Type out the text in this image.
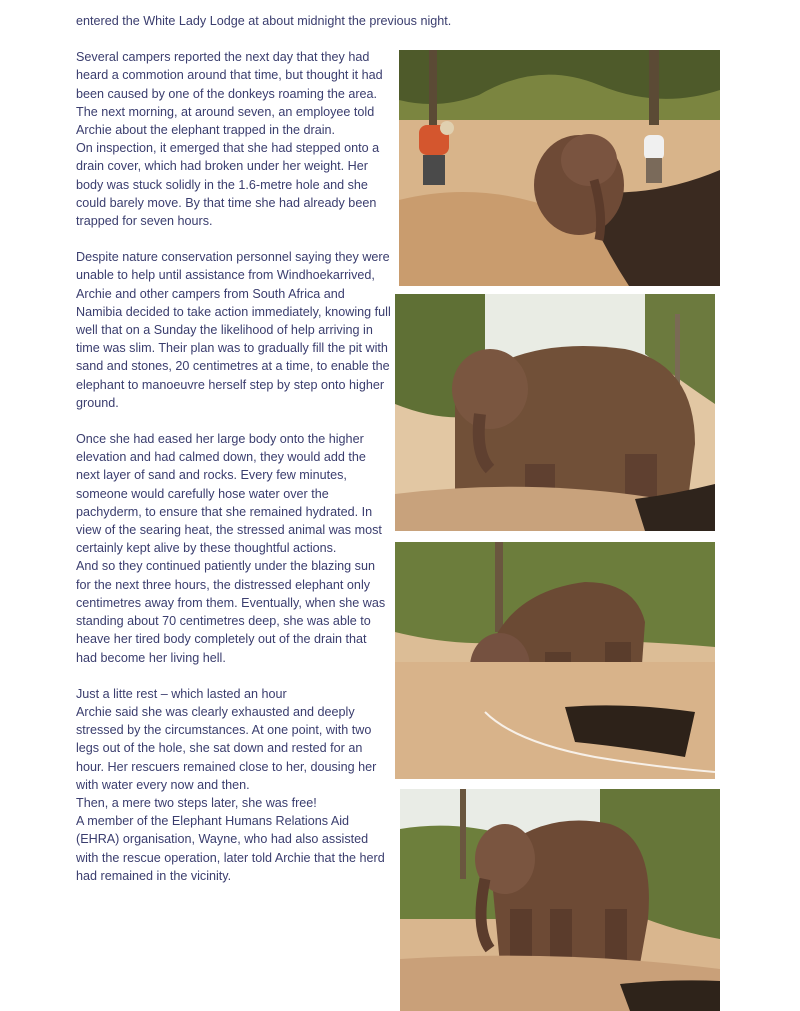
entered the White Lady Lodge at about midnight the previous night.

Several campers reported the next day that they had heard a commotion around that time, but thought it had been caused by one of the donkeys roaming the area. The next morning, at around seven, an employee told Archie about the elephant trapped in the drain.

On inspection, it emerged that she had stepped onto a drain cover, which had broken under her weight. Her body was stuck solidly in the 1.6-metre hole and she could barely move. By that time she had already been trapped for seven hours.

Despite nature conservation personnel saying they were unable to help until assistance from Windhoekarrived, Archie and other campers from South Africa and Namibia decided to take action immediately, knowing full well that on a Sunday the likelihood of help arriving in time was slim. Their plan was to gradually fill the pit with sand and stones, 20 centimetres at a time, to enable the elephant to manoeuvre herself step by step onto higher ground.

Once she had eased her large body onto the higher elevation and had calmed down, they would add the next layer of sand and rocks. Every few minutes, someone would carefully hose water over the pachyderm, to ensure that she remained hydrated. In view of the searing heat, the stressed animal was most certainly kept alive by these thoughtful actions.

And so they continued patiently under the blazing sun for the next three hours, the distressed elephant only centimetres away from them. Eventually, when she was standing about 70 centimetres deep, she was able to heave her tired body completely out of the drain that had become her living hell.

Just a litte rest – which lasted an hour

Archie said she was clearly exhausted and deeply stressed by the circumstances. At one point, with two legs out of the hole, she sat down and rested for an hour. Her rescuers remained close to her, dousing her with water every now and then.

Then, a mere two steps later, she was free!

A member of the Elephant Humans Relations Aid (EHRA) organisation, Wayne, who had also assisted with the rescue operation, later told Archie that the herd had remained in the vicinity.
